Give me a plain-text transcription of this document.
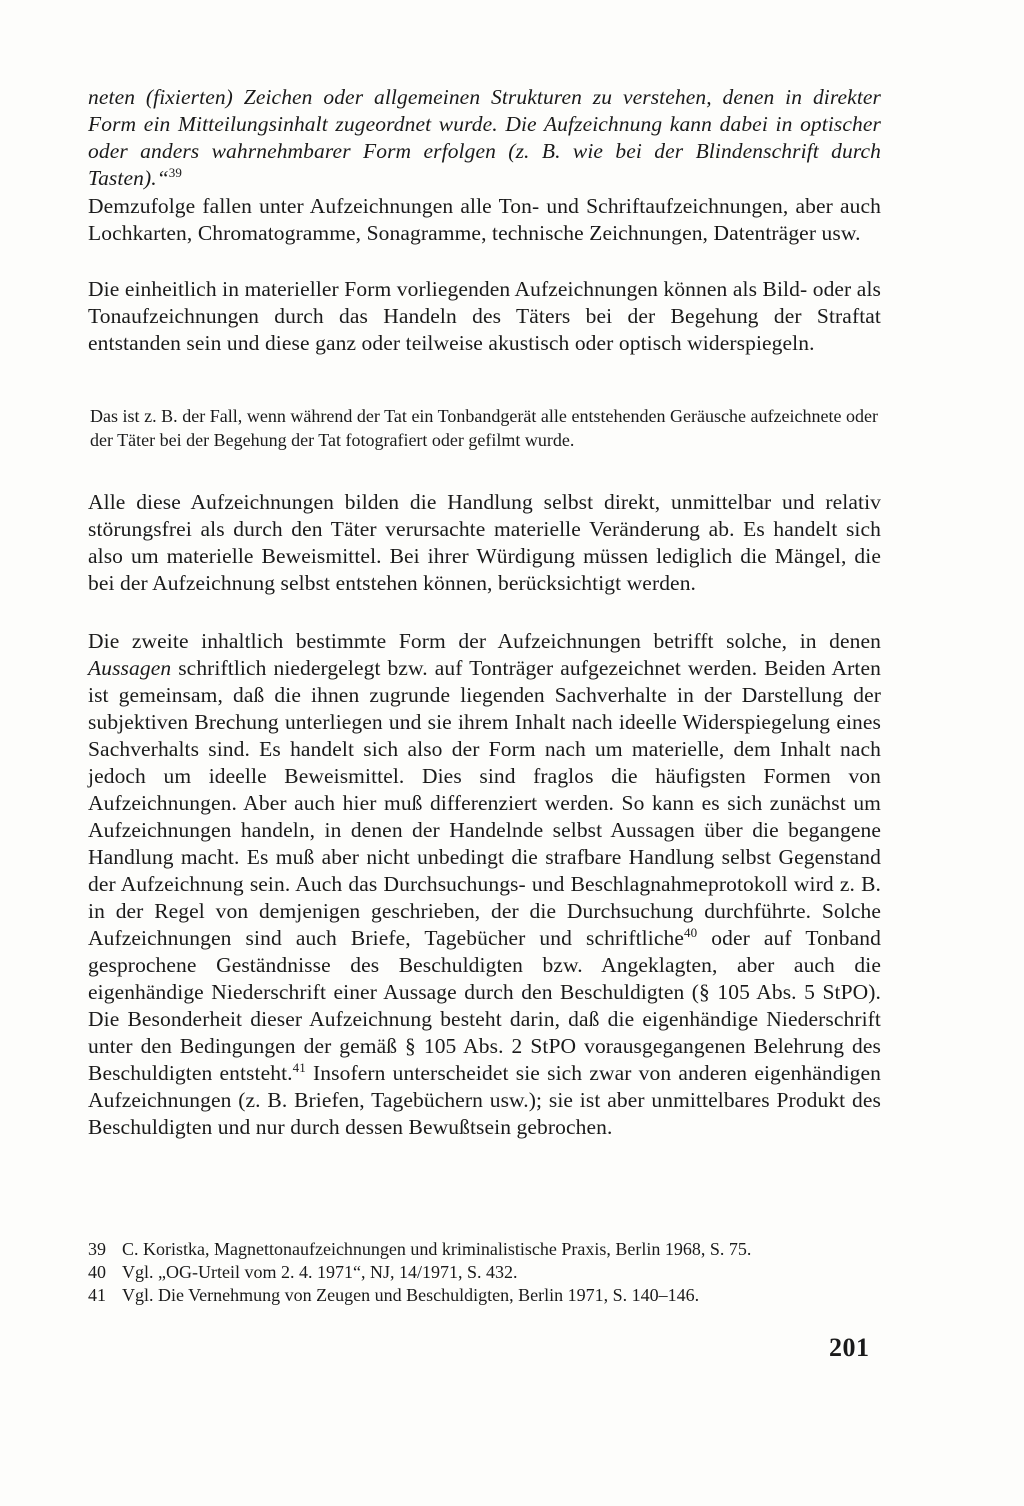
neten (fixierten) Zeichen oder allgemeinen Strukturen zu verstehen, denen in direkter Form ein Mitteilungsinhalt zugeordnet wurde. Die Aufzeichnung kann dabei in optischer oder anders wahrnehmbarer Form erfolgen (z. B. wie bei der Blindenschrift durch Tasten).“$^{39}$

Demzufolge fallen unter Aufzeichnungen alle Ton- und Schriftaufzeichnungen, aber auch Lochkarten, Chromatogramme, Sonagramme, technische Zeichnungen, Datenträger usw.

Die einheitlich in materieller Form vorliegenden Aufzeichnungen können als Bild- oder als Tonaufzeichnungen durch das Handeln des Täters bei der Begehung der Straftat entstanden sein und diese ganz oder teilweise akustisch oder optisch widerspiegeln.

Das ist z. B. der Fall, wenn während der Tat ein Tonbandgerät alle entstehenden Geräusche aufzeichnete oder der Täter bei der Begehung der Tat fotografiert oder gefilmt wurde.

Alle diese Aufzeichnungen bilden die Handlung selbst direkt, unmittelbar und relativ störungsfrei als durch den Täter verursachte materielle Veränderung ab. Es handelt sich also um materielle Beweismittel. Bei ihrer Würdigung müssen lediglich die Mängel, die bei der Aufzeichnung selbst entstehen können, berücksichtigt werden.

Die zweite inhaltlich bestimmte Form der Aufzeichnungen betrifft solche, in denen Aussagen schriftlich niedergelegt bzw. auf Tonträger aufgezeichnet werden. Beiden Arten ist gemeinsam, daß die ihnen zugrunde liegenden Sachverhalte in der Darstellung der subjektiven Brechung unterliegen und sie ihrem Inhalt nach ideelle Widerspiegelung eines Sachverhalts sind. Es handelt sich also der Form nach um materielle, dem Inhalt nach jedoch um ideelle Beweismittel. Dies sind fraglos die häufigsten Formen von Aufzeichnungen. Aber auch hier muß differenziert werden. So kann es sich zunächst um Aufzeichnungen handeln, in denen der Handelnde selbst Aussagen über die begangene Handlung macht. Es muß aber nicht unbedingt die strafbare Handlung selbst Gegenstand der Aufzeichnung sein. Auch das Durchsuchungs- und Beschlagnahmeprotokoll wird z. B. in der Regel von demjenigen geschrieben, der die Durchsuchung durchführte. Solche Aufzeichnungen sind auch Briefe, Tagebücher und schriftliche$^{40}$ oder auf Tonband gesprochene Geständnisse des Beschuldigten bzw. Angeklagten, aber auch die eigenhändige Niederschrift einer Aussage durch den Beschuldigten (§ 105 Abs. 5 StPO). Die Besonderheit dieser Aufzeichnung besteht darin, daß die eigenhändige Niederschrift unter den Bedingungen der gemäß § 105 Abs. 2 StPO vorausgegangenen Belehrung des Beschuldigten entsteht.$^{41}$ Insofern unterscheidet sie sich zwar von anderen eigenhändigen Aufzeichnungen (z. B. Briefen, Tagebüchern usw.); sie ist aber unmittelbares Produkt des Beschuldigten und nur durch dessen Bewußtsein gebrochen.

39 C. Koristka, Magnettonaufzeichnungen und kriminalistische Praxis, Berlin 1968, S. 75.
40 Vgl. „OG-Urteil vom 2. 4. 1971“, NJ, 14/1971, S. 432.
41 Vgl. Die Vernehmung von Zeugen und Beschuldigten, Berlin 1971, S. 140–146.
201
